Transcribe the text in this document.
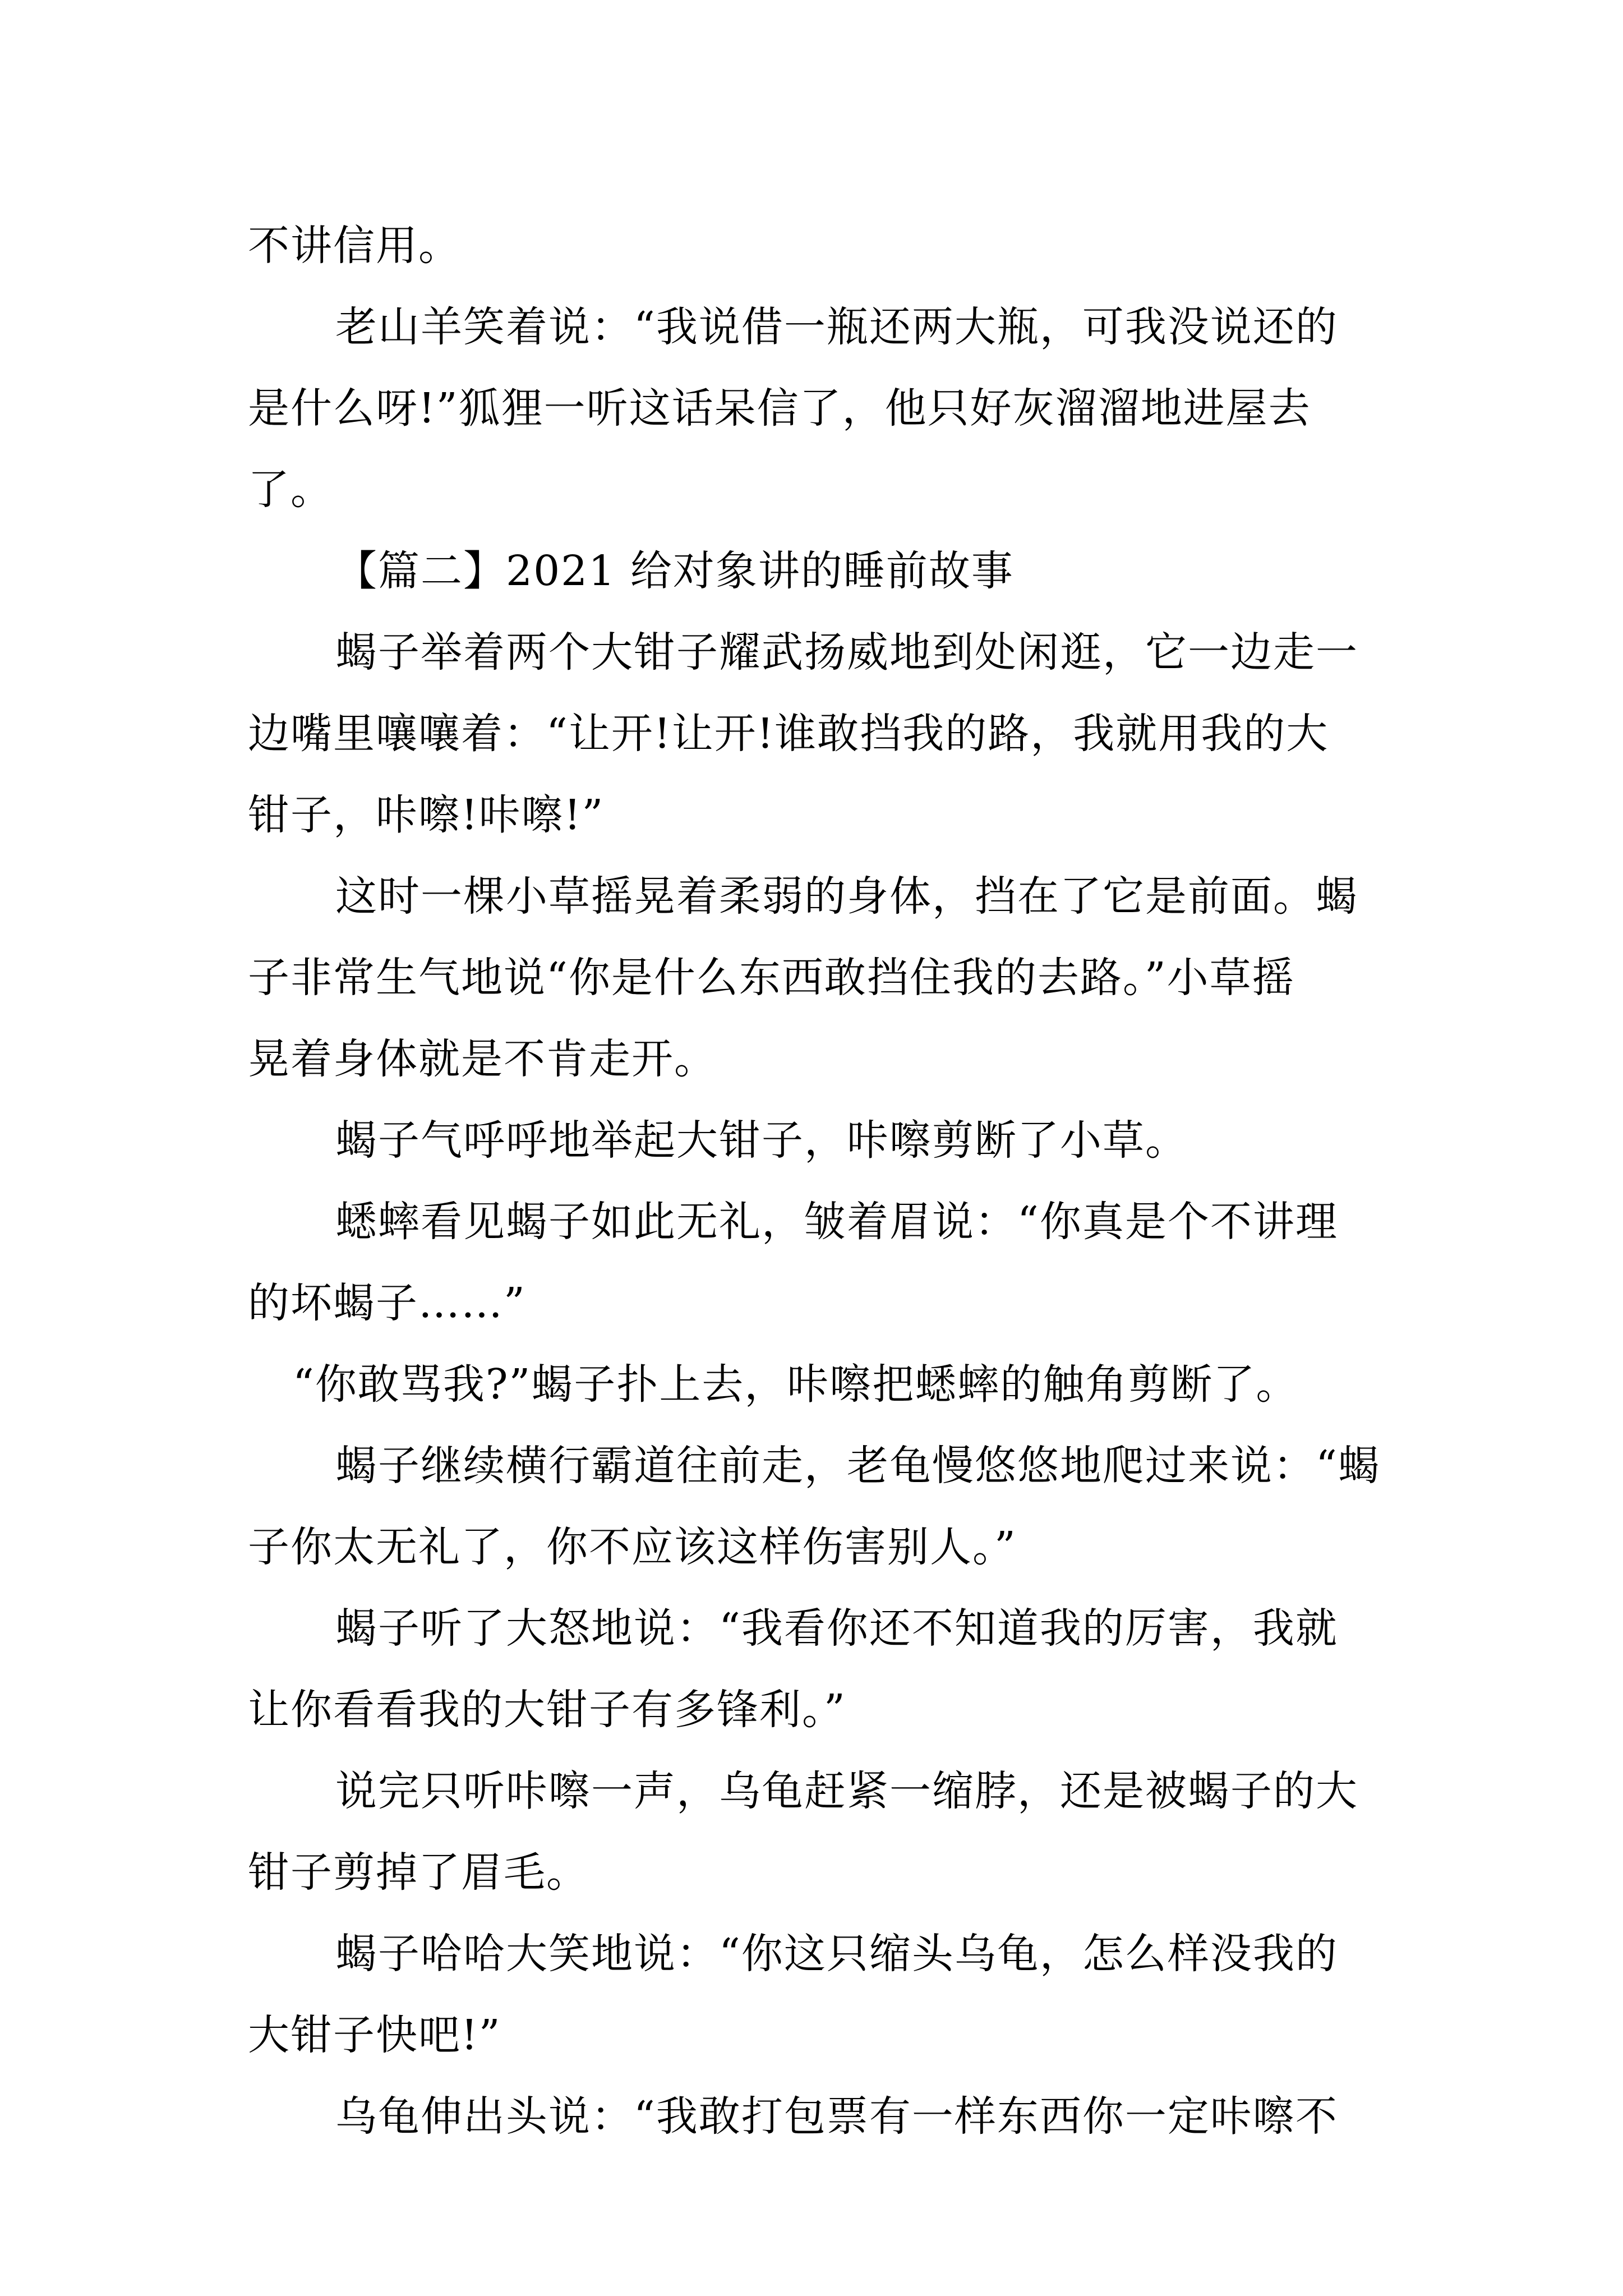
不讲信用。
老山羊笑着说：“我说借一瓶还两大瓶，可我没说还的
是什么呀!”狐狸一听这话呆信了，他只好灰溜溜地进屋去
了。
【篇二】2021 给对象讲的睡前故事
蝎子举着两个大钳子耀武扬威地到处闲逛，它一边走一
边嘴里嚷嚷着：“让开!让开!谁敢挡我的路，我就用我的大
钳子，咔嚓!咔嚓!”
这时一棵小草摇晃着柔弱的身体，挡在了它是前面。蝎
子非常生气地说“你是什么东西敢挡住我的去路。”小草摇
晃着身体就是不肯走开。
蝎子气呼呼地举起大钳子，咔嚓剪断了小草。
蟋蟀看见蝎子如此无礼，皱着眉说：“你真是个不讲理
的坏蝎子……”
“你敢骂我?”蝎子扑上去，咔嚓把蟋蟀的触角剪断了。
蝎子继续横行霸道往前走，老龟慢悠悠地爬过来说：“蝎
子你太无礼了，你不应该这样伤害别人。”
蝎子听了大怒地说：“我看你还不知道我的厉害，我就
让你看看我的大钳子有多锋利。”
说完只听咔嚓一声，乌龟赶紧一缩脖，还是被蝎子的大
钳子剪掉了眉毛。
蝎子哈哈大笑地说：“你这只缩头乌龟，怎么样没我的
大钳子快吧!”
乌龟伸出头说：“我敢打包票有一样东西你一定咔嚓不
